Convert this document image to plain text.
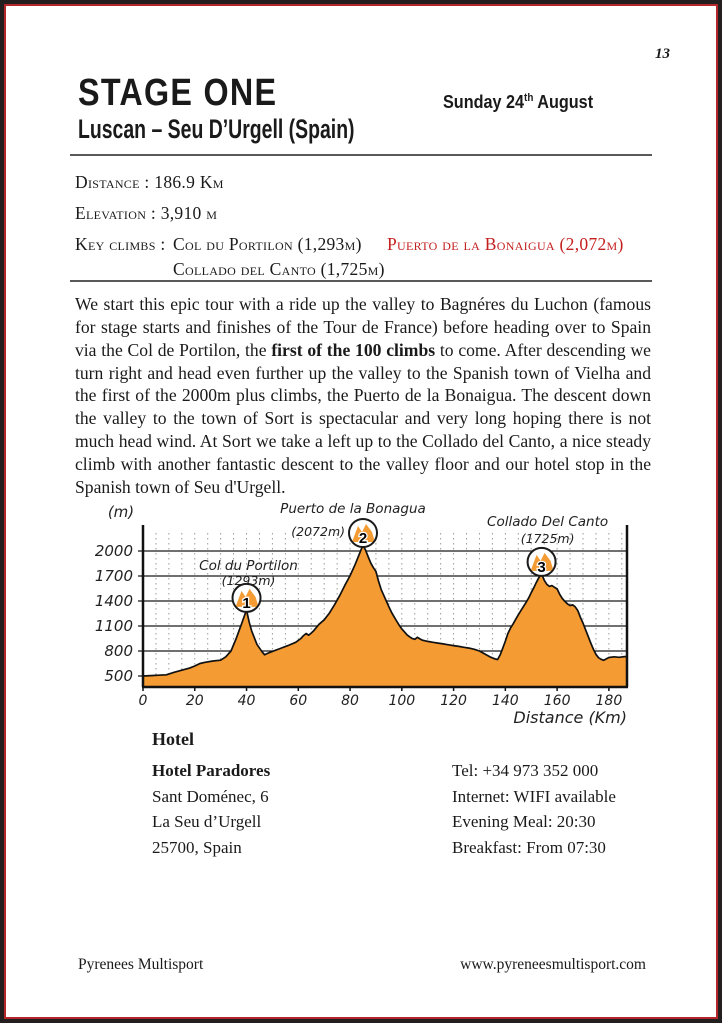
13
STAGE ONE
Luscan – Seu D’Urgell (Spain)
Sunday 24th August
Distance : 186.9 Km
Elevation : 3,910 m
Key climbs : Col du Portilon (1,293m)
Collado del Canto (1,725m)
Puerto de la Bonaigua (2,072m)
We start this epic tour with a ride up the valley to Bagnéres du Luchon (famous for stage starts and finishes of the Tour de France) before heading over to Spain via the Col de Portilon, the first of the 100 climbs to come. After descending we turn right and head even further up the valley to the Spanish town of Vielha and the first of the 2000m plus climbs, the Puerto de la Bonaigua. The descent down the valley to the town of Sort is spectacular and very long hoping there is not much head wind. At Sort we take a left up to the Collado del Canto, a nice steady climb with another fantastic descent to the valley floor and our hotel stop in the Spanish town of Seu d'Urgell.
500
800
1100
1400
1700
2000
(m)
0	20 40 60 80 100 120 140 160 180
Distance (Km)
1
Col du Portilon
(1293m)
2
Puerto de la Bonagua
(2072m)
3
Collado Del Canto
(1725m)
Hotel
Hotel Paradores
Sant Doménec, 6
La Seu d’Urgell
25700, Spain
Tel: +34 973 352 000
Internet: WIFI available
Evening Meal: 20:30
Breakfast: From 07:30
Pyrenees Multisport	www.pyreneesmultisport.com
